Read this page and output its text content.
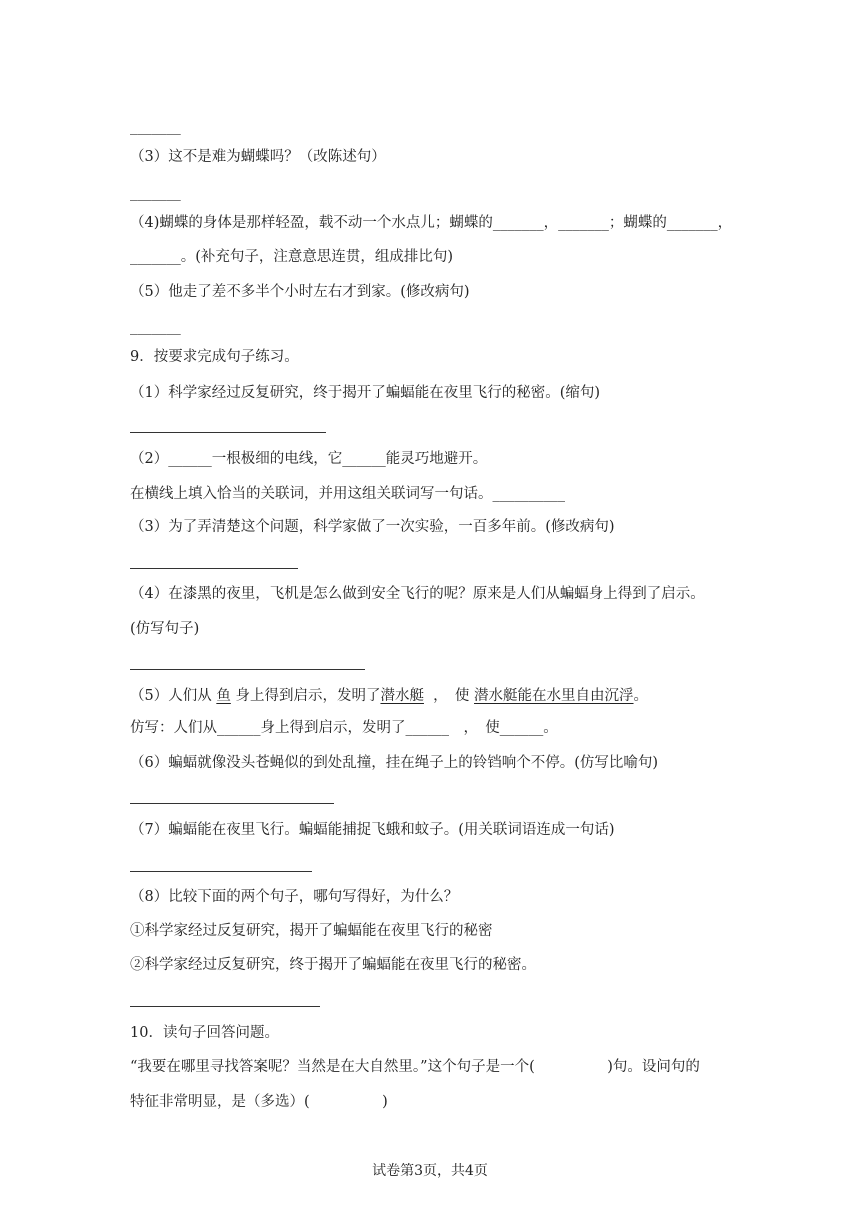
_______
（3）这不是难为蝴蝶吗？（改陈述句）
_______
（4)蝴蝶的身体是那样轻盈，载不动一个水点儿；蝴蝶的_______，_______；蝴蝶的_______，
_______。(补充句子，注意意思连贯，组成排比句)
（5）他走了差不多半个小时左右才到家。(修改病句)
_______
9．按要求完成句子练习。
（1）科学家经过反复研究，终于揭开了蝙蝠能在夜里飞行的秘密。(缩句)
（2）______一根极细的电线，它______能灵巧地避开。
在横线上填入恰当的关联词，并用这组关联词写一句话。__________
（3）为了弄清楚这个问题，科学家做了一次实验，一百多年前。(修改病句)
（4）在漆黑的夜里，飞机是怎么做到安全飞行的呢？原来是人们从蝙蝠身上得到了启示。
(仿写句子)
（5）人们从 鱼 身上得到启示，发明了潜水艇 ，　使 潜水艇能在水里自由沉浮。
仿写：人们从______身上得到启示，发明了______　，　使______。
（6）蝙蝠就像没头苍蝇似的到处乱撞，挂在绳子上的铃铛响个不停。(仿写比喻句)
（7）蝙蝠能在夜里飞行。蝙蝠能捕捉飞蛾和蚊子。(用关联词语连成一句话)
（8）比较下面的两个句子，哪句写得好，为什么？
①科学家经过反复研究，揭开了蝙蝠能在夜里飞行的秘密
②科学家经过反复研究，终于揭开了蝙蝠能在夜里飞行的秘密。
10．读句子回答问题。
“我要在哪里寻找答案呢？当然是在大自然里。”这个句子是一个(　　　　　)句。设问句的
特征非常明显，是（多选）(　　　　　)
试卷第3页，共4页
